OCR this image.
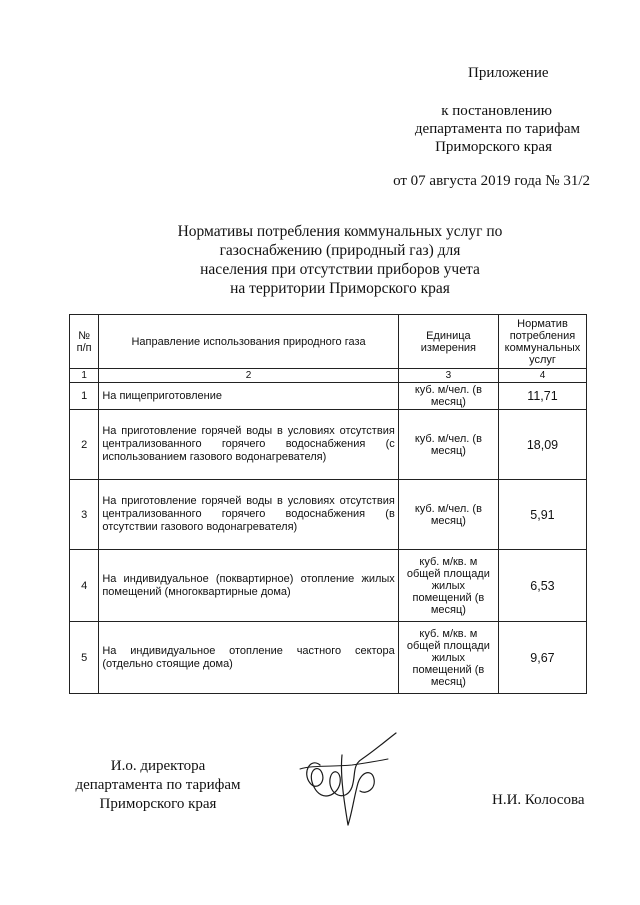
Приложение
к постановлению
департамента по тарифам
Приморского края
от 07 августа 2019 года № 31/2
Нормативы потребления коммунальных услуг по
газоснабжению (природный газ) для
населения при отсутствии приборов учета
на территории Приморского края
№ п/п	Направление использования природного газа	Единица измерения	Норматив потребления коммунальных услуг
1	2	3	4
1	На пищеприготовление	куб. м/чел. (в месяц)	11,71
2	На приготовление горячей воды в условиях отсутствия централизованного горячего водоснабжения (с использованием газового водонагревателя)	куб. м/чел. (в месяц)	18,09
3	На приготовление горячей воды в условиях отсутствия централизованного горячего водоснабжения (в отсутствии газового водонагревателя)	куб. м/чел. (в месяц)	5,91
4	На индивидуальное (поквартирное) отопление жилых помещений (многоквартирные дома)	куб. м/кв. м общей площади жилых помещений (в месяц)	6,53
5	На индивидуальное отопление частного сектора (отдельно стоящие дома)	куб. м/кв. м общей площади жилых помещений (в месяц)	9,67
И.о. директора
департамента по тарифам
Приморского края	Н.И. Колосова
